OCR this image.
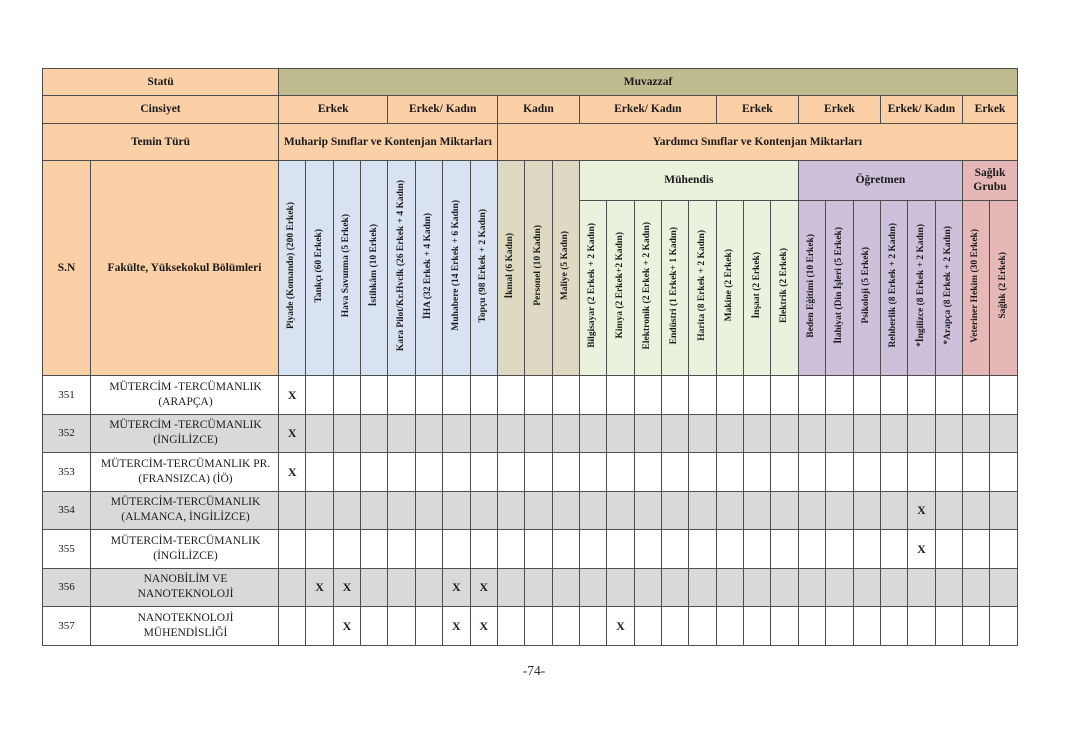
Statü		Muvazzaf																										
Cinsiyet		Erkek				Erkek/ Kadın				Kadın			Erkek/ Kadın					Erkek			Erkek			Erkek/ Kadın			Erkek	
Temin Türü		Muharip Sınıflar ve Kontenjan Miktarları								Yardımcı Sınıflar ve Kontenjan Miktarları																		
S.N	Fakülte, Yüksekokul Bölümleri	Piyade (Komando) (200 Erkek)	Tankçı (60 Erkek)	Hava Savunma (5 Erkek)	İstihkâm (10 Erkek)	Kara Pilot/Kr.Hvclk (26 Erkek + 4 Kadın)	İHA (32 Erkek + 4 Kadın)	Muhabere (14 Erkek + 6 Kadın)	Topçu (98 Erkek + 2 Kadın)	İkmal (6 Kadın)	Personel (10 Kadın)	Maliye (5 Kadın)	Mühendis								Öğretmen						Sağlık Grubu	
													Bilgisayar (2 Erkek + 2 Kadın)	Kimya (2 Erkek+2 Kadın)	Elektronik (2 Erkek + 2 Kadın)	Endüstri (1 Erkek+ 1 Kadın)	Harita (8 Erkek + 2 Kadın)	Makine (2 Erkek)	İnşaat (2 Erkek)	Elektrik (2 Erkek)	Beden Eğitimi (10 Erkek)	İlahiyat (Din İşleri (5 Erkek)	Psikoloji (5 Erkek)	Rehberlik (8 Erkek + 2 Kadın)	*İngilizce (8 Erkek + 2 Kadın)	*Arapça (8 Erkek + 2 Kadın)	Veteriner Hekim (30 Erkek)	Sağlık (2 Erkek)
351	MÜTERCİM -TERCÜMANLIK (ARAPÇA)	X																										
352	MÜTERCİM -TERCÜMANLIK (İNGİLİZCE)	X																										
353	MÜTERCİM-TERCÜMANLIK PR. (FRANSIZCA) (İÖ)	X																										
354	MÜTERCİM-TERCÜMANLIK (ALMANCA, İNGİLİZCE)																								X			
355	MÜTERCİM-TERCÜMANLIK (İNGİLİZCE)																								X			
356	NANOBİLİM VE NANOTEKNOLOJİ		X	X				X	X																			
357	NANOTEKNOLOJİ MÜHENDİSLİĞİ			X				X	X					X														
-74-
